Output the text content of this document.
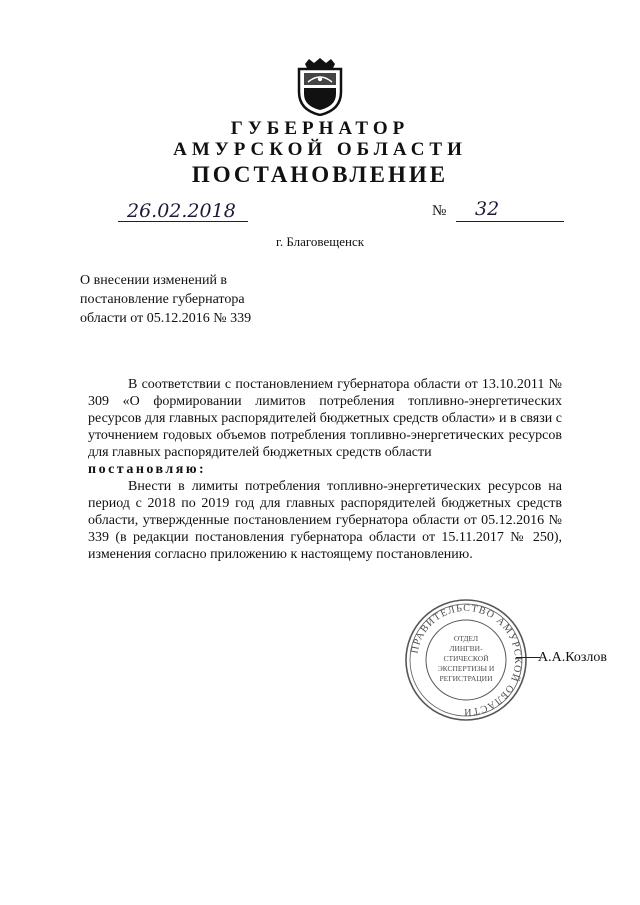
ГУБЕРНАТОР
АМУРСКОЙ ОБЛАСТИ
ПОСТАНОВЛЕНИЕ
26.02.2018	№ 32
г. Благовещенск
О внесении изменений в
постановление губернатора
области от 05.12.2016 № 339

В соответствии с постановлением губернатора области от 13.10.2011 № 309 «О формировании лимитов потребления топливно-энергетических ресурсов для главных распорядителей бюджетных средств области» и в связи с уточнением годовых объемов потребления топливно-энергетических ресурсов для главных распорядителей бюджетных средств области

постановляю:

Внести в лимиты потребления топливно-энергетических ресурсов на период с 2018 по 2019 год для главных распорядителей бюджетных средств области, утвержденные постановлением губернатора области от 05.12.2016 № 339 (в редакции постановления губернатора области от 15.11.2017 № 250), изменения согласно приложению к настоящему постановлению.

ПРАВИТЕЛЬСТВО АМУРСКОЙ ОБЛАСТИ
ОТДЕЛ
ЛИНГВИ-
СТИЧЕСКОЙ
ЭКСПЕРТИЗЫ И
РЕГИСТРАЦИИ
А.А.Козлов
